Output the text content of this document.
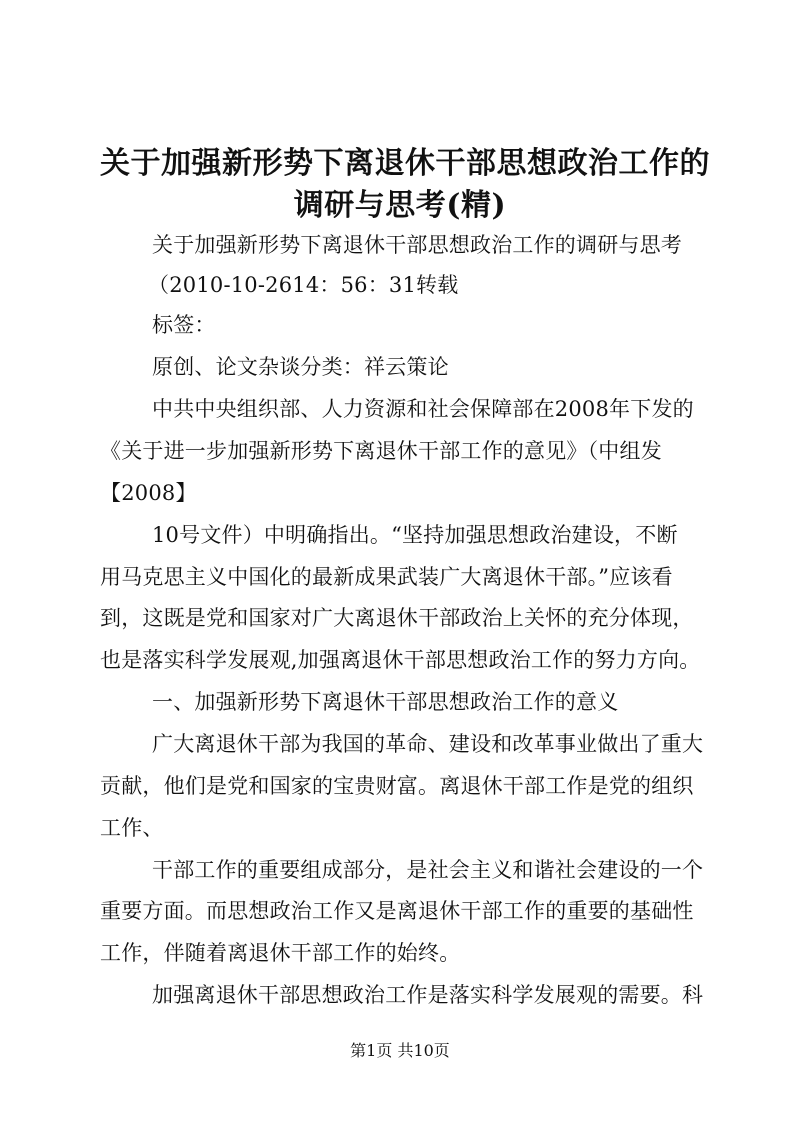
关于加强新形势下离退休干部思想政治工作的
调研与思考(精)
关于加强新形势下离退休干部思想政治工作的调研与思考
（2010-10-2614：56：31转载
标签：
原创、论文杂谈分类：祥云策论
中共中央组织部、人力资源和社会保障部在2008年下发的
《关于进一步加强新形势下离退休干部工作的意见》（中组发
【2008】
10号文件）中明确指出。“坚持加强思想政治建设，不断
用马克思主义中国化的最新成果武装广大离退休干部。”应该看
到，这既是党和国家对广大离退休干部政治上关怀的充分体现，
也是落实科学发展观,加强离退休干部思想政治工作的努力方向。
一、加强新形势下离退休干部思想政治工作的意义
广大离退休干部为我国的革命、建设和改革事业做出了重大
贡献，他们是党和国家的宝贵财富。离退休干部工作是党的组织
工作、
干部工作的重要组成部分，是社会主义和谐社会建设的一个
重要方面。而思想政治工作又是离退休干部工作的重要的基础性
工作，伴随着离退休干部工作的始终。
加强离退休干部思想政治工作是落实科学发展观的需要。科
第1页 共10页
